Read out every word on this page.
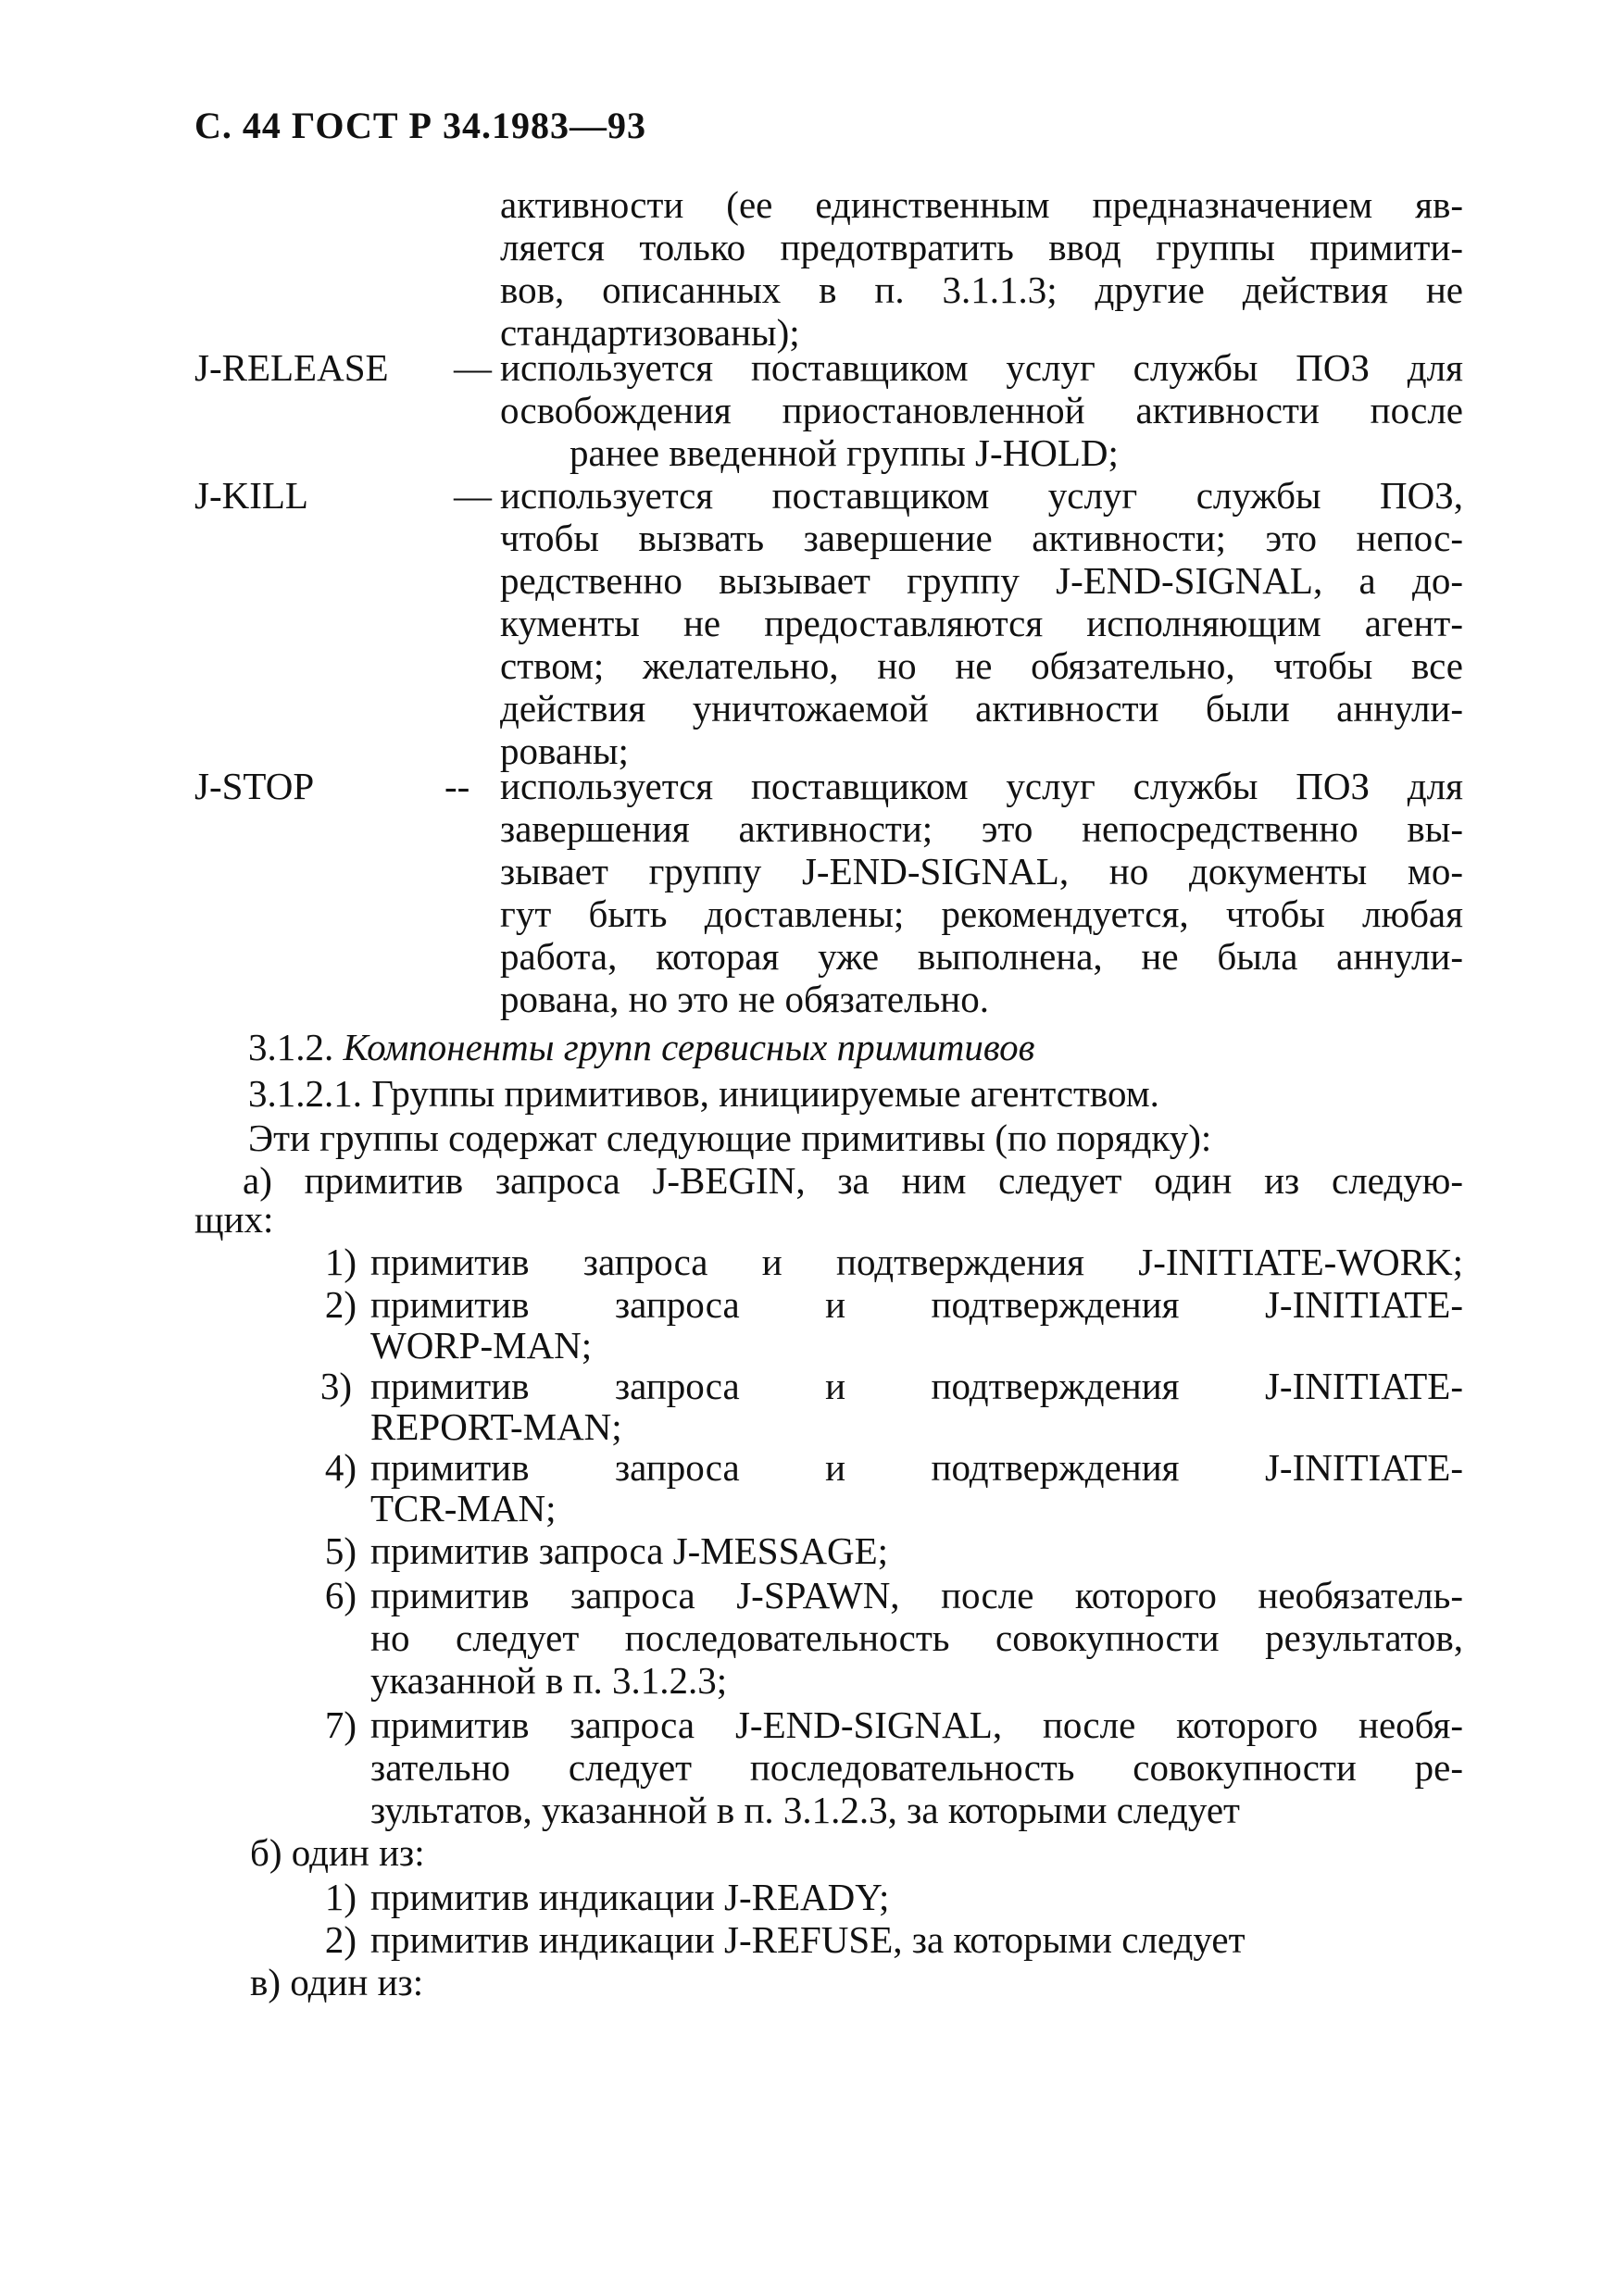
С. 44 ГОСТ Р 34.1983—93
активности (ее единственным предназначением яв-
ляется только предотвратить ввод группы примити-
вов, описанных в п. 3.1.1.3; другие действия не
стандартизованы);
J-RELEASE — используется поставщиком услуг службы ПОЗ для
освобождения приостановленной активности после
ранее введенной группы J-HOLD;
J-KILL	— используется поставщиком услуг службы ПОЗ,
чтобы вызвать завершение активности; это непос-
редственно вызывает группу J-END-SIGNAL, а до-
кументы не предоставляются исполняющим агент-
ством; желательно, но не обязательно, чтобы все
действия уничтожаемой активности были аннули-
рованы;
J-STOP	-- используется поставщиком услуг службы ПОЗ для
завершения активности; это непосредственно вы-
зывает группу J-END-SIGNAL, но документы мо-
гут быть доставлены; рекомендуется, чтобы любая
работа, которая уже выполнена, не была аннули-
рована, но это не обязательно.
3.1.2. Компоненты групп сервисных примитивов
3.1.2.1. Группы примитивов, инициируемые агентством.
Эти группы содержат следующие примитивы (по порядку):
а) примитив запроса J-BEGIN, за ним следует один из следую-
щих:
1) примитив запроса и подтверждения J-INITIATE-WORK;
2) примитив запроса и подтверждения J-INITIATE-
WORP-MAN;
3) примитив запроса и подтверждения J-INITIATE-
REPORT-MAN;
4) примитив запроса и подтверждения J-INITIATE-
TCR-MAN;
5) примитив запроса J-MESSAGE;
6) примитив запроса J-SPAWN, после которого необязатель-
но следует последовательность совокупности результатов,
указанной в п. 3.1.2.3;
7) примитив запроса J-END-SIGNAL, после которого необя-
зательно следует последовательность совокупности ре-
зультатов, указанной в п. 3.1.2.3, за которыми следует
б) один из:
1) примитив индикации J-READY;
2) примитив индикации J-REFUSE, за которыми следует
в) один из:
